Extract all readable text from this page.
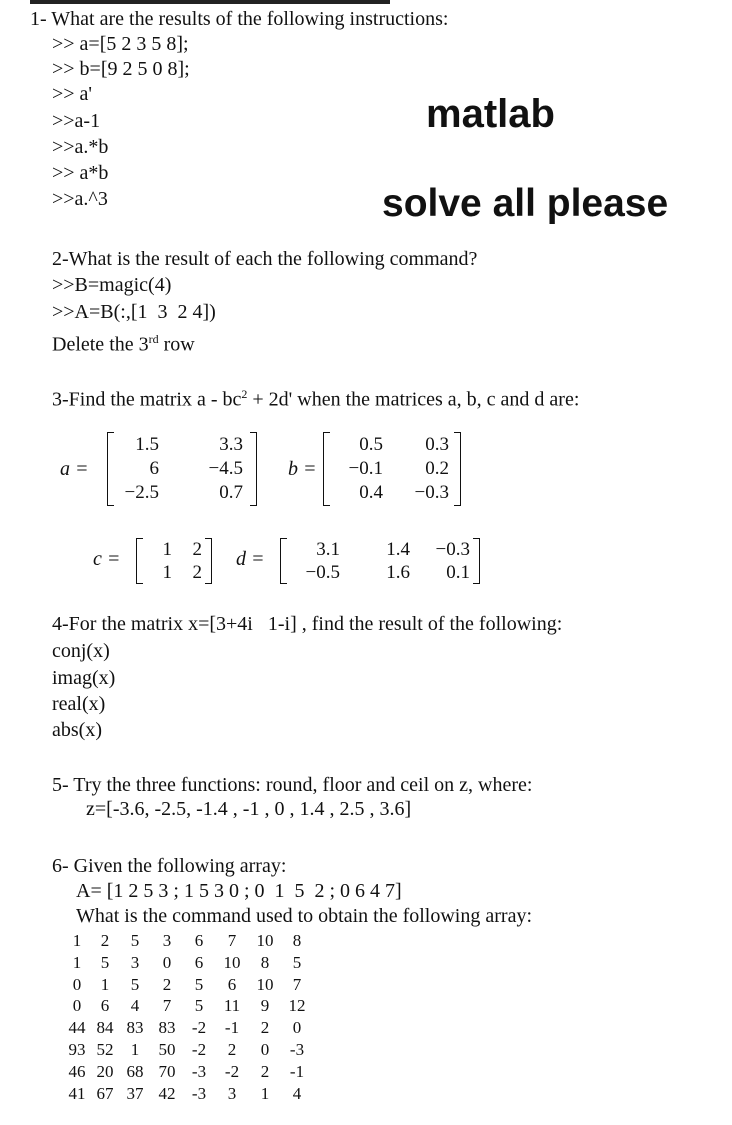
1- What are the results of the following instructions:
>> a=[5 2 3 5 8];
>> b=[9 2 5 0 8];
>> a'
>>a-1
>>a.*b
>> a*b
>>a.^3
matlab
solve all please
2-What is the result of each the following command?
>>B=magic(4)
>>A=B(:,[1  3  2 4])
Delete the 3rd row
3-Find the matrix $a - bc^2 + 2d'$ when the matrices a, b, c and d are:
a =
1.5	3.3
6	−4.5
−2.5	0.7
b =
0.5 0.3
−0.1 0.2
0.4 −0.3
c = 1 2
1 2
d =	3.1 1.4 −0.3
−0.5 1.6 0.1
4-For the matrix x=[3+4i   1-i] , find the result of the following:
conj(x)
imag(x)
real(x)
abs(x)
5- Try the three functions: round, floor and ceil on z, where:
z=[-3.6, -2.5, -1.4 , -1 , 0 , 1.4 , 2.5 , 3.6]
6- Given the following array:
A= [1 2 5 3 ; 1 5 3 0 ; 0  1  5  2 ; 0 6 4 7]
What is the command used to obtain the following array:
1 2 5 3 6 7 10 8
1 5 3 0 6 10 8 5
0 1 5 2 5 6 10 7
0 6 4 7 5 11 9 12
44 84 83 83 -2 -1 2 0
93 52 1 50 -2 2 0 -3
46 20 68 70 -3 -2 2 -1
41 67 37 42 -3 3 1 4
